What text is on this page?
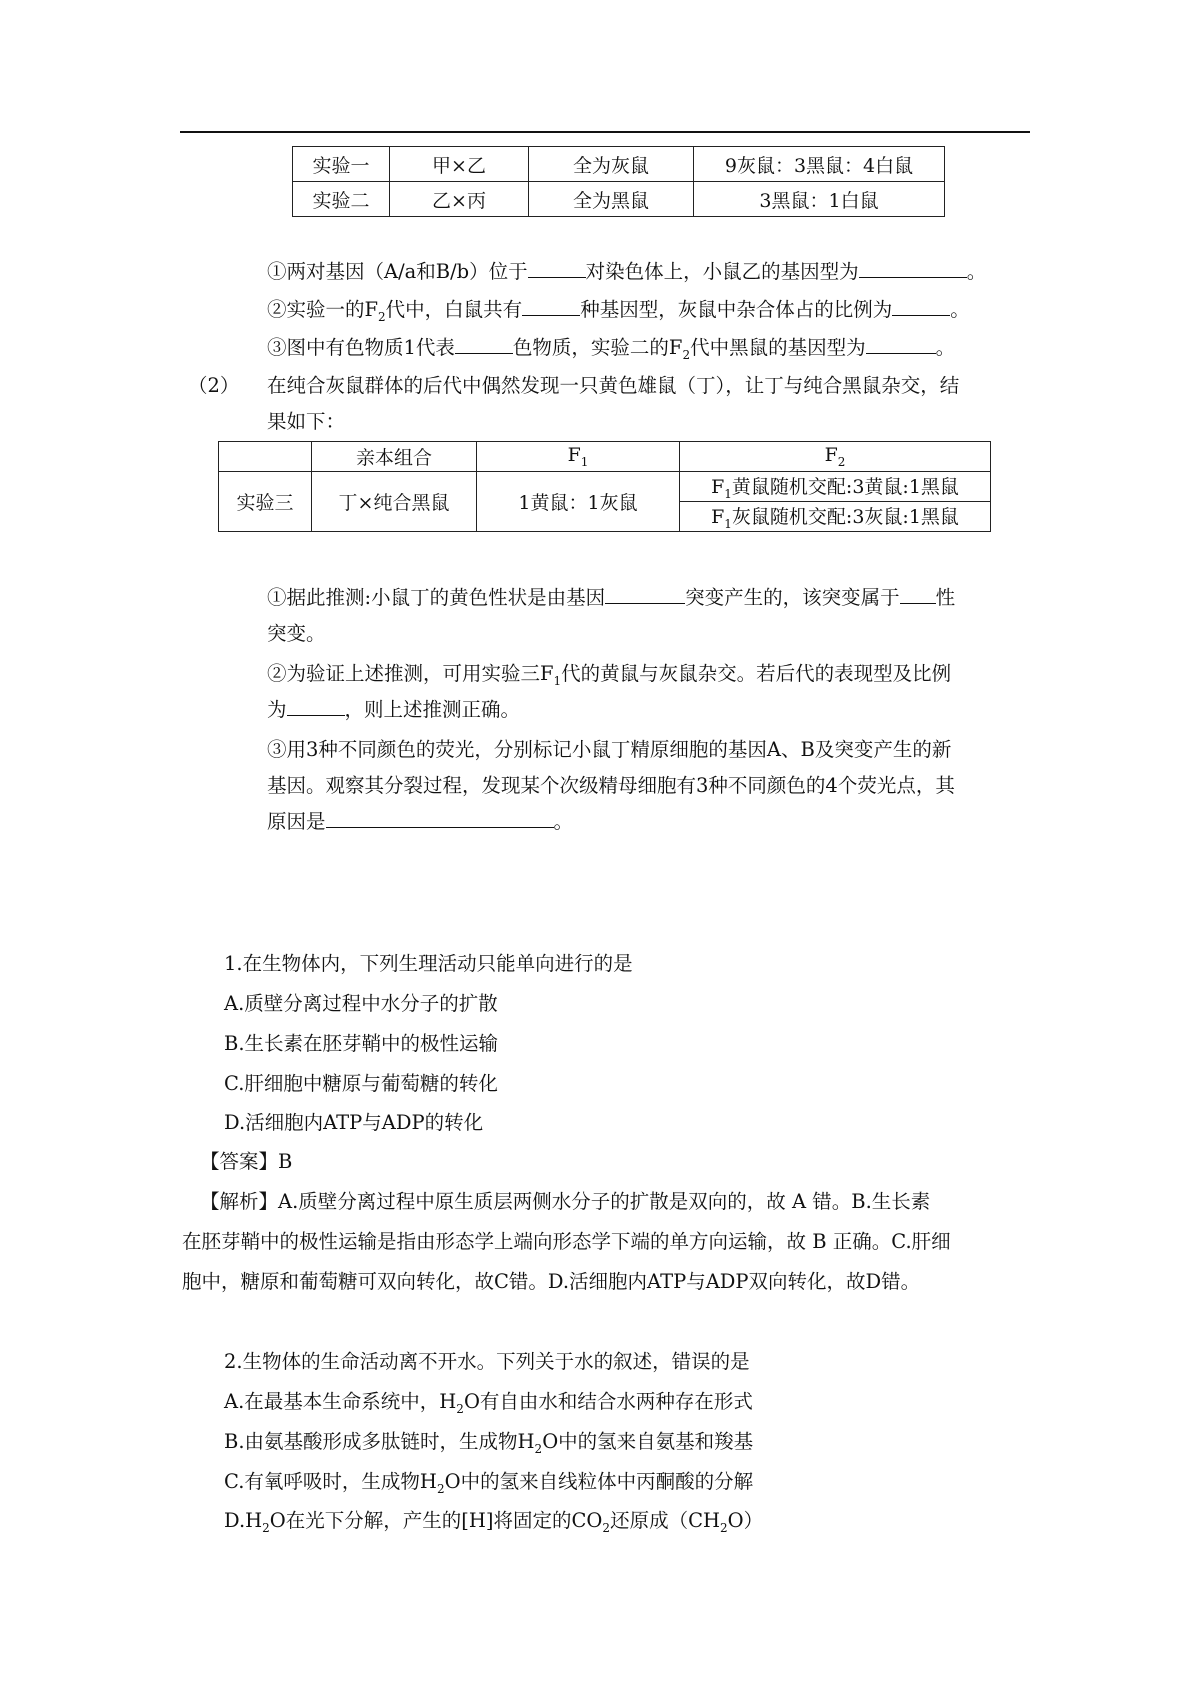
实验一	甲×乙	全为灰鼠	9灰鼠：3黑鼠：4白鼠
实验二	乙×丙	全为黑鼠	3黑鼠：1白鼠
①两对基因（A/a和B/b）位于	对染色体上，小鼠乙的基因型为	。
②实验一的$F_2$代中，白鼠共有	种基因型，灰鼠中杂合体占的比例为	。
③图中有色物质1代表	色物质，实验二的$F_2$代中黑鼠的基因型为	。
（2） 在纯合灰鼠群体的后代中偶然发现一只黄色雄鼠（丁），让丁与纯合黑鼠杂交，结
果如下：
	亲本组合	$F_1$	$F_2$
实验三	丁×纯合黑鼠	1黄鼠：1灰鼠	$F_1$黄鼠随机交配:3黄鼠:1黑鼠
			$F_1$灰鼠随机交配:3灰鼠:1黑鼠
①据此推测:小鼠丁的黄色性状是由基因	突变产生的，该突变属于 性
突变。
②为验证上述推测，可用实验三$F_1$代的黄鼠与灰鼠杂交。若后代的表现型及比例
为	，则上述推测正确。
③用3种不同颜色的荧光，分别标记小鼠丁精原细胞的基因A、B及突变产生的新
基因。观察其分裂过程，发现某个次级精母细胞有3种不同颜色的4个荧光点，其
原因是	。
1.在生物体内，下列生理活动只能单向进行的是
A.质壁分离过程中水分子的扩散
B.生长素在胚芽鞘中的极性运输
C.肝细胞中糖原与葡萄糖的转化
D.活细胞内ATP与ADP的转化
【答案】B
【解析】A.质壁分离过程中原生质层两侧水分子的扩散是双向的，故 A 错。B.生长素
在胚芽鞘中的极性运输是指由形态学上端向形态学下端的单方向运输，故 B 正确。C.肝细
胞中，糖原和葡萄糖可双向转化，故C错。D.活细胞内ATP与ADP双向转化，故D错。
2.生物体的生命活动离不开水。下列关于水的叙述，错误的是
A.在最基本生命系统中，$H_2O$有自由水和结合水两种存在形式
B.由氨基酸形成多肽链时，生成物$H_2O$中的氢来自氨基和羧基
C.有氧呼吸时，生成物$H_2O$中的氢来自线粒体中丙酮酸的分解
$D.H_2O$在光下分解，产生的[H]将固定的$CO_2$还原成$(CH_2O)$
